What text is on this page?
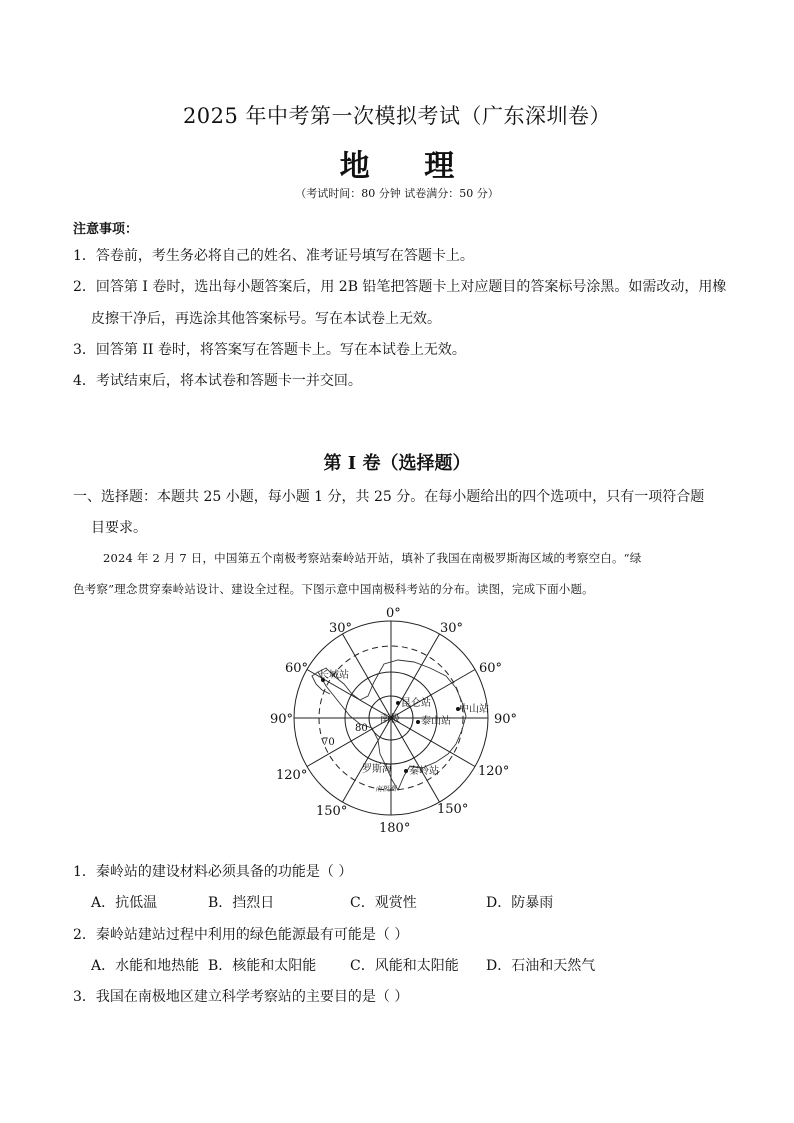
2025 年中考第一次模拟考试（广东深圳卷）
地 理
（考试时间：80 分钟 试卷满分：50 分）
注意事项：
1．答卷前，考生务必将自己的姓名、准考证号填写在答题卡上。
2．回答第 I 卷时，选出每小题答案后，用 2B 铅笔把答题卡上对应题目的答案标号涂黑。如需改动，用橡
皮擦干净后，再选涂其他答案标号。写在本试卷上无效。
3．回答第 II 卷时，将答案写在答题卡上。写在本试卷上无效。
4．考试结束后，将本试卷和答题卡一并交回。
第 I 卷（选择题）
一、选择题：本题共 25 小题，每小题 1 分，共 25 分。在每小题给出的四个选项中，只有一项符合题
目要求。
2024 年 2 月 7 日，中国第五个南极考察站秦岭站开站，填补了我国在南极罗斯海区域的考察空白。“绿
色考察”理念贯穿秦岭站设计、建设全过程。下图示意中国南极科考站的分布。读图，完成下面小题。
0°
30°	30°
60°	60°
90°	90°
120°	120°
150°	150°
180°
80
70
长城站
昆仑站
中山站
泰山站
秦岭站
南极
罗斯海
南极圈
1．秦岭站的建设材料必须具备的功能是（ ）
A．抗低温	B．挡烈日	C．观赏性	D．防暴雨
2．秦岭站建站过程中利用的绿色能源最有可能是（ ）
A．水能和地热能 B．核能和太阳能 C．风能和太阳能 D．石油和天然气
3．我国在南极地区建立科学考察站的主要目的是（ ）
